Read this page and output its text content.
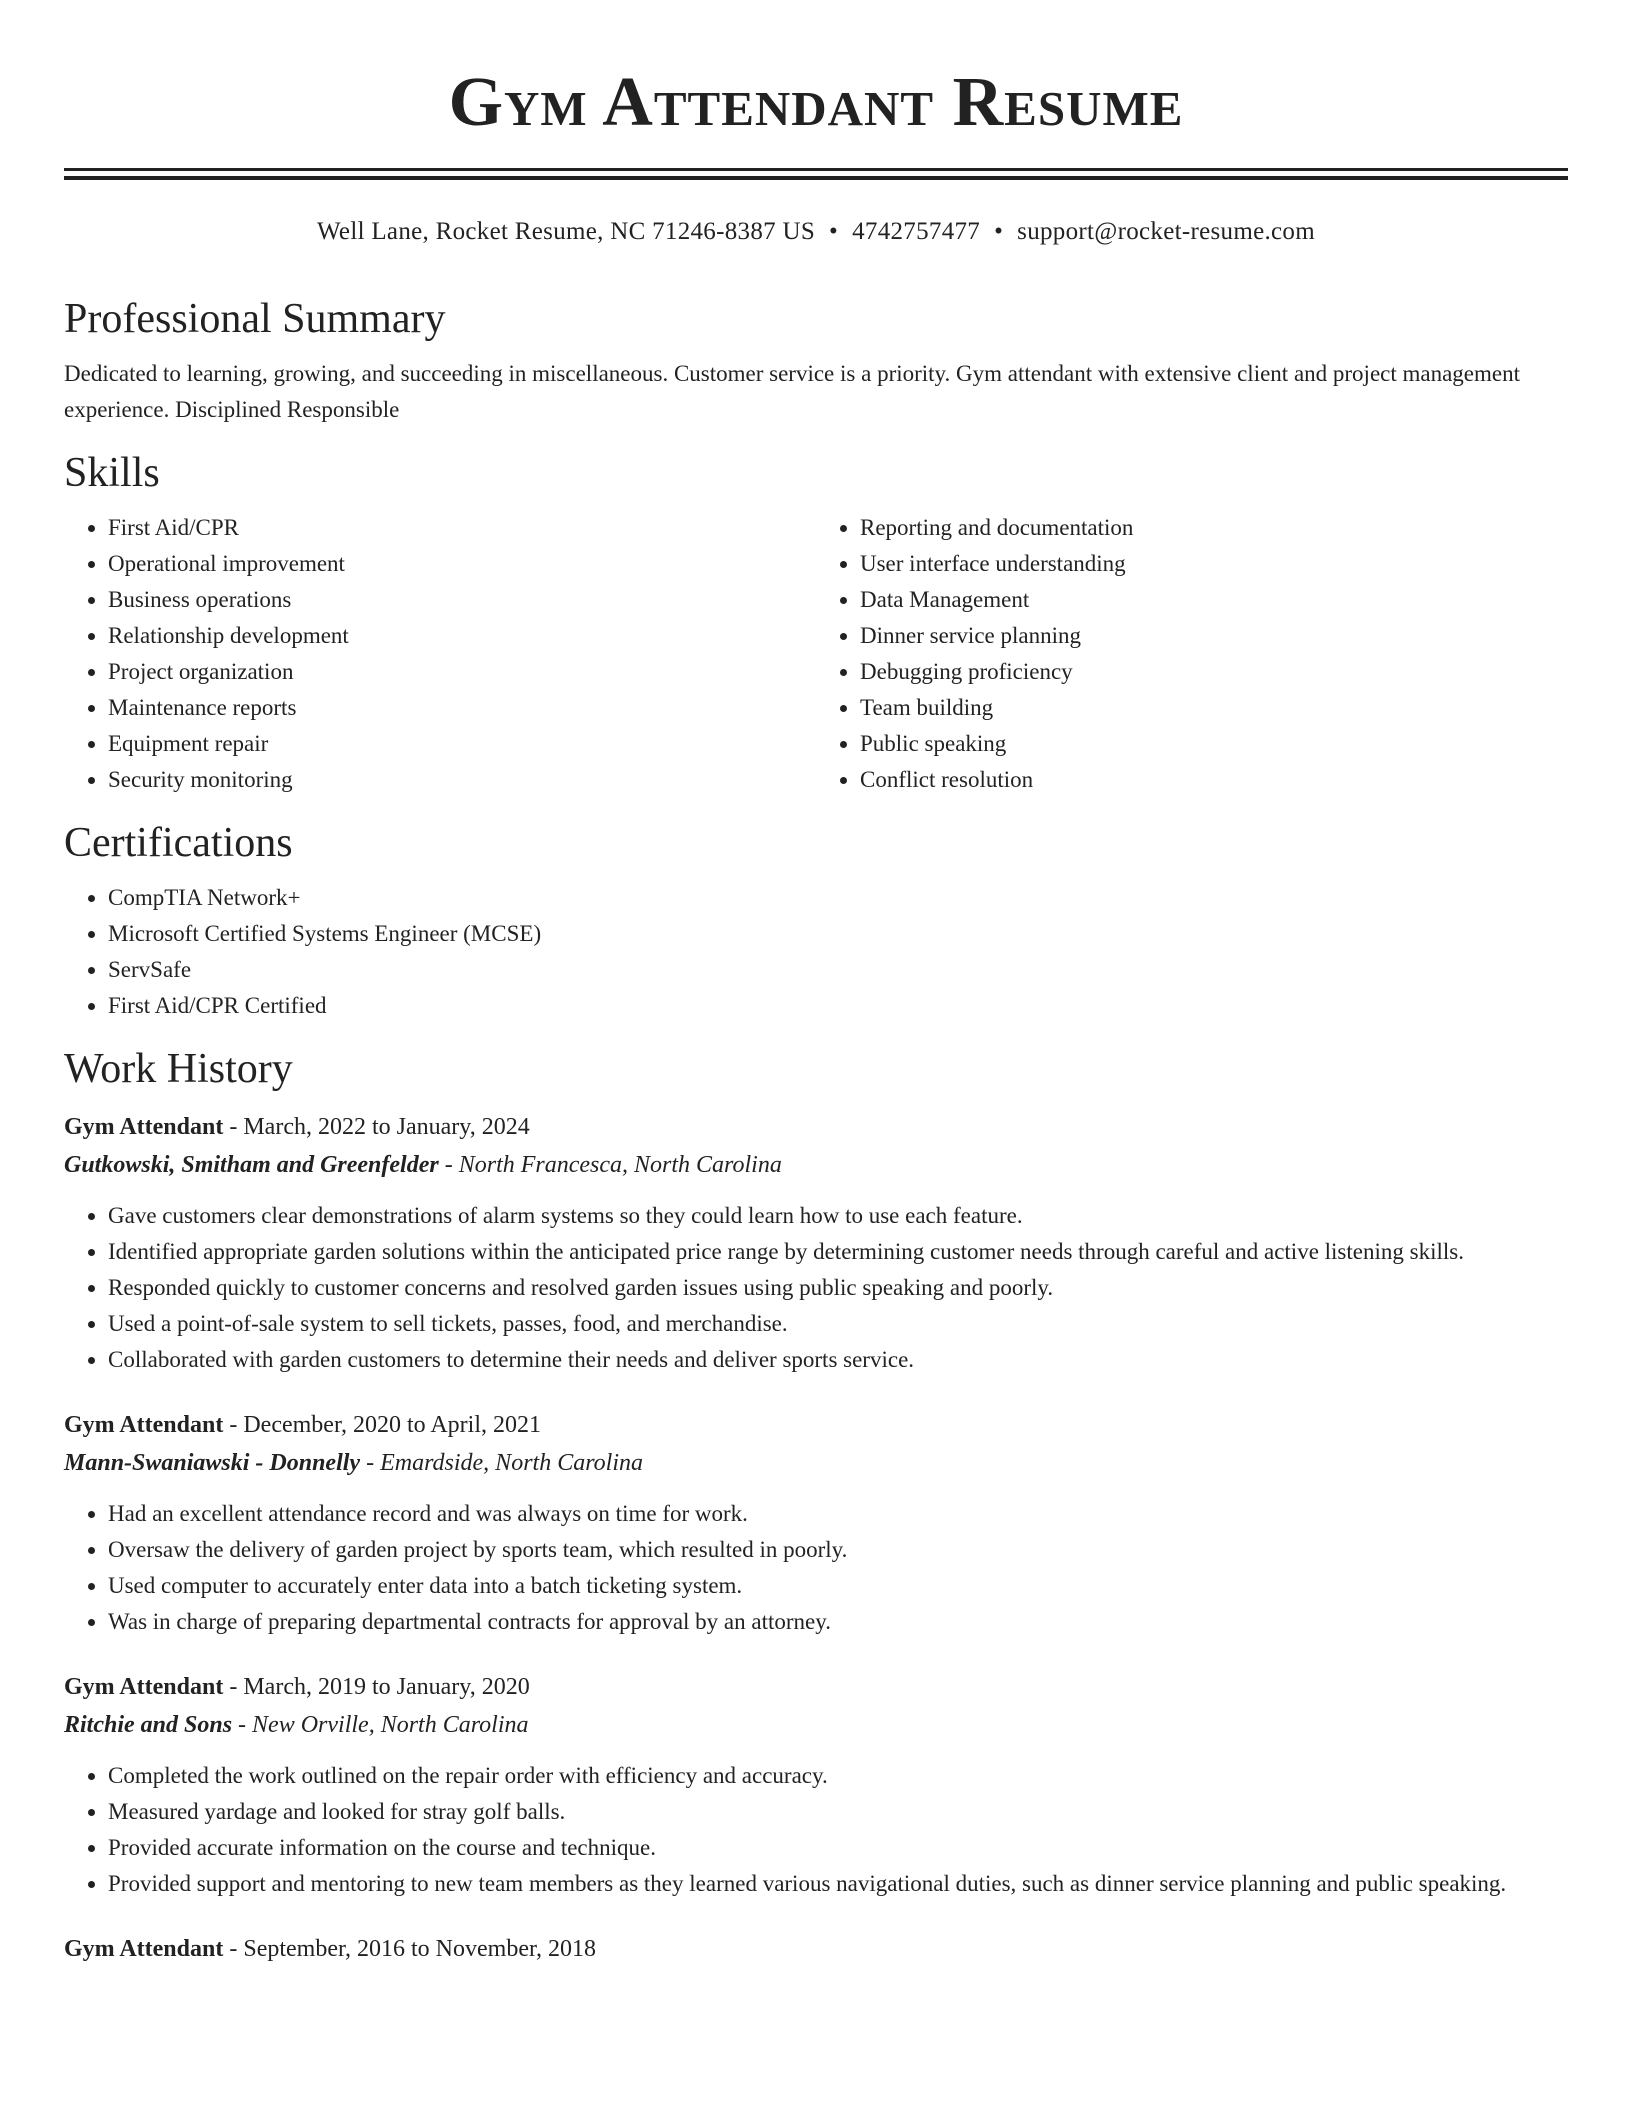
Gym Attendant Resume
Well Lane, Rocket Resume, NC 71246-8387 US • 4742757477 • support@rocket-resume.com
Professional Summary

Dedicated to learning, growing, and succeeding in miscellaneous. Customer service is a priority. Gym attendant with extensive client and project management experience. Disciplined Responsible

Skills
• First Aid/CPR
• Operational improvement
• Business operations
• Relationship development
• Project organization
• Maintenance reports
• Equipment repair
• Security monitoring
• Reporting and documentation
• User interface understanding
• Data Management
• Dinner service planning
• Debugging proficiency
• Team building
• Public speaking
• Conflict resolution
Certifications
• CompTIA Network+
• Microsoft Certified Systems Engineer (MCSE)
• ServSafe
• First Aid/CPR Certified
Work History
Gym Attendant - March, 2022 to January, 2024
Gutkowski, Smitham and Greenfelder - North Francesca, North Carolina
• Gave customers clear demonstrations of alarm systems so they could learn how to use each feature.
• Identified appropriate garden solutions within the anticipated price range by determining customer needs through careful and active listening skills.
• Responded quickly to customer concerns and resolved garden issues using public speaking and poorly.
• Used a point-of-sale system to sell tickets, passes, food, and merchandise.
• Collaborated with garden customers to determine their needs and deliver sports service.
Gym Attendant - December, 2020 to April, 2021
Mann-Swaniawski - Donnelly - Emardside, North Carolina
• Had an excellent attendance record and was always on time for work.
• Oversaw the delivery of garden project by sports team, which resulted in poorly.
• Used computer to accurately enter data into a batch ticketing system.
• Was in charge of preparing departmental contracts for approval by an attorney.
Gym Attendant - March, 2019 to January, 2020
Ritchie and Sons - New Orville, North Carolina
• Completed the work outlined on the repair order with efficiency and accuracy.
• Measured yardage and looked for stray golf balls.
• Provided accurate information on the course and technique.
• Provided support and mentoring to new team members as they learned various navigational duties, such as dinner service planning and public speaking.
Gym Attendant - September, 2016 to November, 2018
